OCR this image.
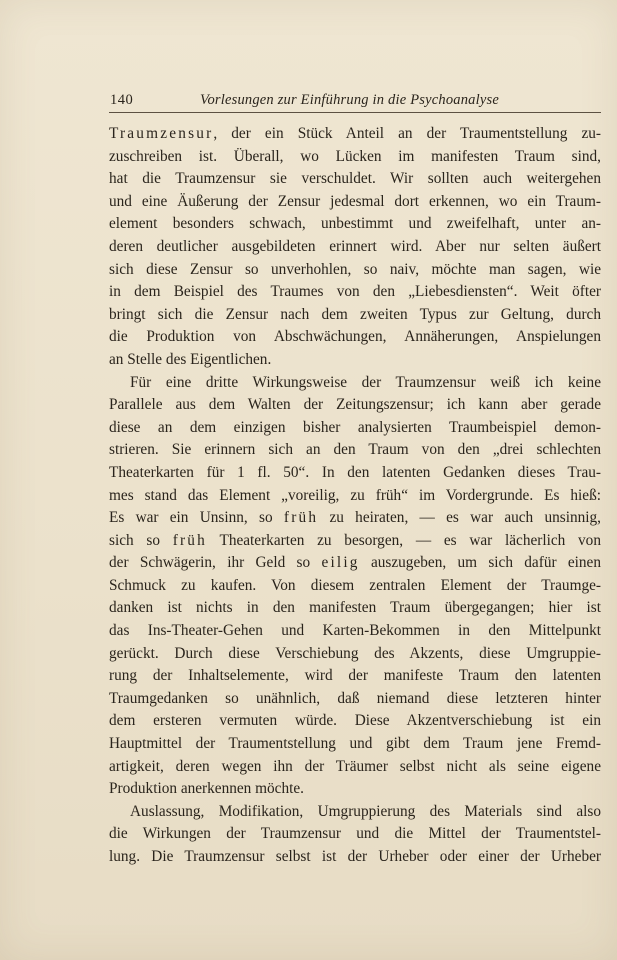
140	Vorlesungen zur Einführung in die Psychoanalyse

Traumzensur, der ein Stück Anteil an der Traumentstellung zu-
zuschreiben ist. Überall, wo Lücken im manifesten Traum sind,
hat die Traumzensur sie verschuldet. Wir sollten auch weitergehen
und eine Äußerung der Zensur jedesmal dort erkennen, wo ein Traum-
element besonders schwach, unbestimmt und zweifelhaft, unter an-
deren deutlicher ausgebildeten erinnert wird. Aber nur selten äußert
sich diese Zensur so unverhohlen, so naiv, möchte man sagen, wie
in dem Beispiel des Traumes von den „Liebesdiensten“. Weit öfter
bringt sich die Zensur nach dem zweiten Typus zur Geltung, durch
die Produktion von Abschwächungen, Annäherungen, Anspielungen
an Stelle des Eigentlichen.

Für eine dritte Wirkungsweise der Traumzensur weiß ich keine
Parallele aus dem Walten der Zeitungszensur; ich kann aber gerade
diese an dem einzigen bisher analysierten Traumbeispiel demon-
strieren. Sie erinnern sich an den Traum von den „drei schlechten
Theaterkarten für 1 fl. 50“. In den latenten Gedanken dieses Trau-
mes stand das Element „voreilig, zu früh“ im Vordergrunde. Es hieß:
Es war ein Unsinn, so früh zu heiraten, — es war auch unsinnig,
sich so früh Theaterkarten zu besorgen, — es war lächerlich von
der Schwägerin, ihr Geld so eilig auszugeben, um sich dafür einen
Schmuck zu kaufen. Von diesem zentralen Element der Traumge-
danken ist nichts in den manifesten Traum übergegangen; hier ist
das Ins-Theater-Gehen und Karten-Bekommen in den Mittelpunkt
gerückt. Durch diese Verschiebung des Akzents, diese Umgruppie-
rung der Inhaltselemente, wird der manifeste Traum den latenten
Traumgedanken so unähnlich, daß niemand diese letzteren hinter
dem ersteren vermuten würde. Diese Akzentverschiebung ist ein
Hauptmittel der Traumentstellung und gibt dem Traum jene Fremd-
artigkeit, deren wegen ihn der Träumer selbst nicht als seine eigene
Produktion anerkennen möchte.

Auslassung, Modifikation, Umgruppierung des Materials sind also
die Wirkungen der Traumzensur und die Mittel der Traumentstel-
lung. Die Traumzensur selbst ist der Urheber oder einer der Urheber
